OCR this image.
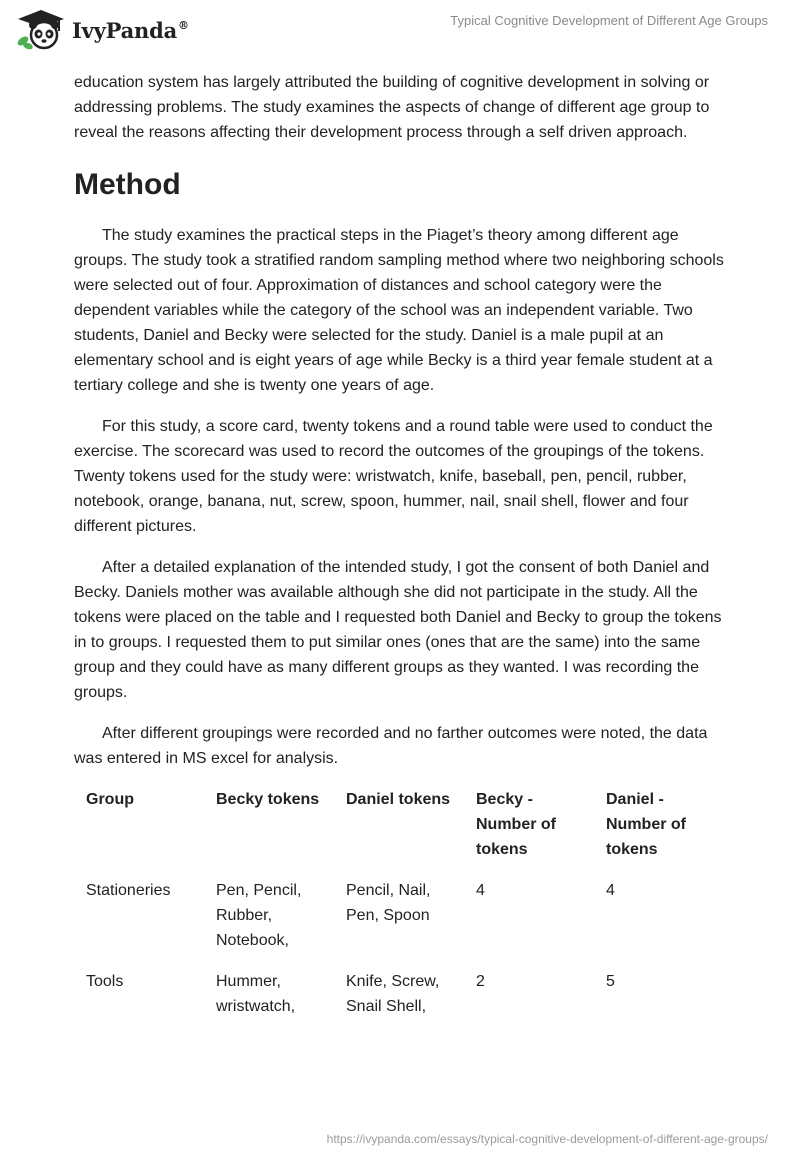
IvyPanda®	Typical Cognitive Development of Different Age Groups

education system has largely attributed the building of cognitive development in solving or addressing problems. The study examines the aspects of change of different age group to reveal the reasons affecting their development process through a self driven approach.

Method

The study examines the practical steps in the Piaget’s theory among different age groups. The study took a stratified random sampling method where two neighboring schools were selected out of four. Approximation of distances and school category were the dependent variables while the category of the school was an independent variable. Two students, Daniel and Becky were selected for the study. Daniel is a male pupil at an elementary school and is eight years of age while Becky is a third year female student at a tertiary college and she is twenty one years of age.

For this study, a score card, twenty tokens and a round table were used to conduct the exercise. The scorecard was used to record the outcomes of the groupings of the tokens. Twenty tokens used for the study were: wristwatch, knife, baseball, pen, pencil, rubber, notebook, orange, banana, nut, screw, spoon, hummer, nail, snail shell, flower and four different pictures.

After a detailed explanation of the intended study, I got the consent of both Daniel and Becky. Daniels mother was available although she did not participate in the study. All the tokens were placed on the table and I requested both Daniel and Becky to group the tokens in to groups. I requested them to put similar ones (ones that are the same) into the same group and they could have as many different groups as they wanted. I was recording the groups.

After different groupings were recorded and no farther outcomes were noted, the data was entered in MS excel for analysis.

Group	Becky tokens	Daniel tokens	Becky - Number of tokens	Daniel - Number of tokens
Stationeries	Pen, Pencil, Rubber, Notebook,	Pencil, Nail, Pen, Spoon	4	4
Tools	Hummer, wristwatch,	Knife, Screw, Snail Shell,	2	5
https://ivypanda.com/essays/typical-cognitive-development-of-different-age-groups/
